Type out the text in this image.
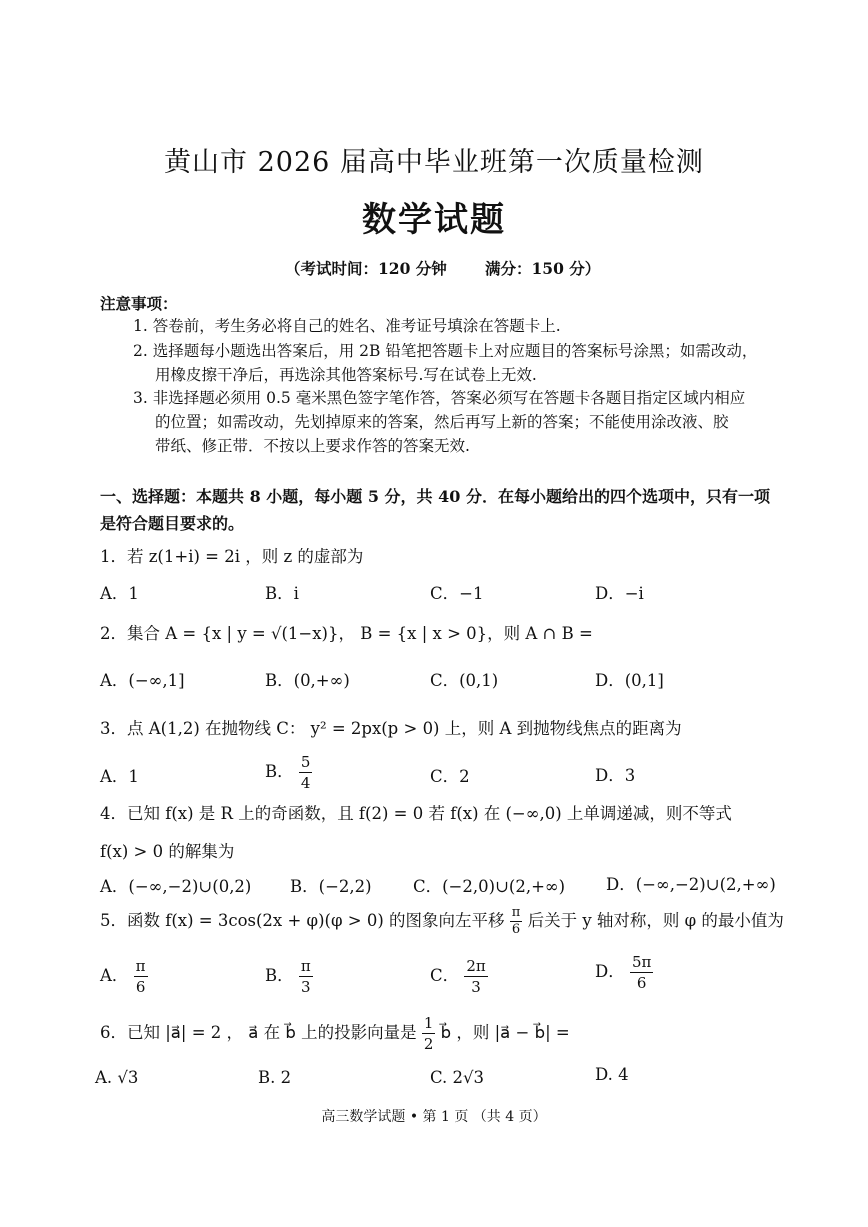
黄山市 2026 届高中毕业班第一次质量检测
数学试题
（考试时间：120 分钟 满分：150 分）
注意事项：
1. 答卷前，考生务必将自己的姓名、准考证号填涂在答题卡上.
2. 选择题每小题选出答案后，用 2B 铅笔把答题卡上对应题目的答案标号涂黑；如需改动，
用橡皮擦干净后，再选涂其他答案标号.写在试卷上无效.
3. 非选择题必须用 0.5 毫米黑色签字笔作答，答案必须写在答题卡各题目指定区域内相应
的位置；如需改动，先划掉原来的答案，然后再写上新的答案；不能使用涂改液、胶
带纸、修正带．不按以上要求作答的答案无效.
一、选择题：本题共 8 小题，每小题 5 分，共 40 分．在每小题给出的四个选项中，只有一项是符合题目要求的。
1．若 z(1+i) = 2i ，则 z 的虚部为
A．1	B．i	C．−1	D．−i
2．集合 A = {x | y = √(1−x)}， B = {x | x > 0}，则 A ∩ B =
A．(−∞,1]	B．(0,+∞)	C．(0,1)	D．(0,1]
3．点 A(1,2) 在抛物线 C： y² = 2px(p > 0) 上，则 A 到抛物线焦点的距离为
A．1	B． $\frac{5}{4}$	C．2	D．3
4．已知 f(x) 是 R 上的奇函数，且 f(2) = 0 若 f(x) 在 (−∞,0) 上单调递减，则不等式
f(x) > 0 的解集为
A．(−∞,−2)∪(0,2) B．(−2,2)	C．(−2,0)∪(2,+∞) D．(−∞,−2)∪(2,+∞)
5．函数 f(x) = 3cos(2x + φ)(φ > 0) 的图象向左平移 $\frac{\pi}{6}$ 后关于 y 轴对称，则 φ 的最小值为
A． $\frac{\pi}{6}$	B． $\frac{\pi}{3}$	C． $\frac{2\pi}{3}$	D． $\frac{5\pi}{6}$
6．已知 |a⃗| = 2 ， a⃗ 在 b⃗ 上的投影向量是 $\frac{1}{2}$ b⃗ ，则 |a⃗ − b⃗| =
A. √3	B. 2	C. 2√3	D. 4
高三数学试题 • 第 1 页 （共 4 页）
